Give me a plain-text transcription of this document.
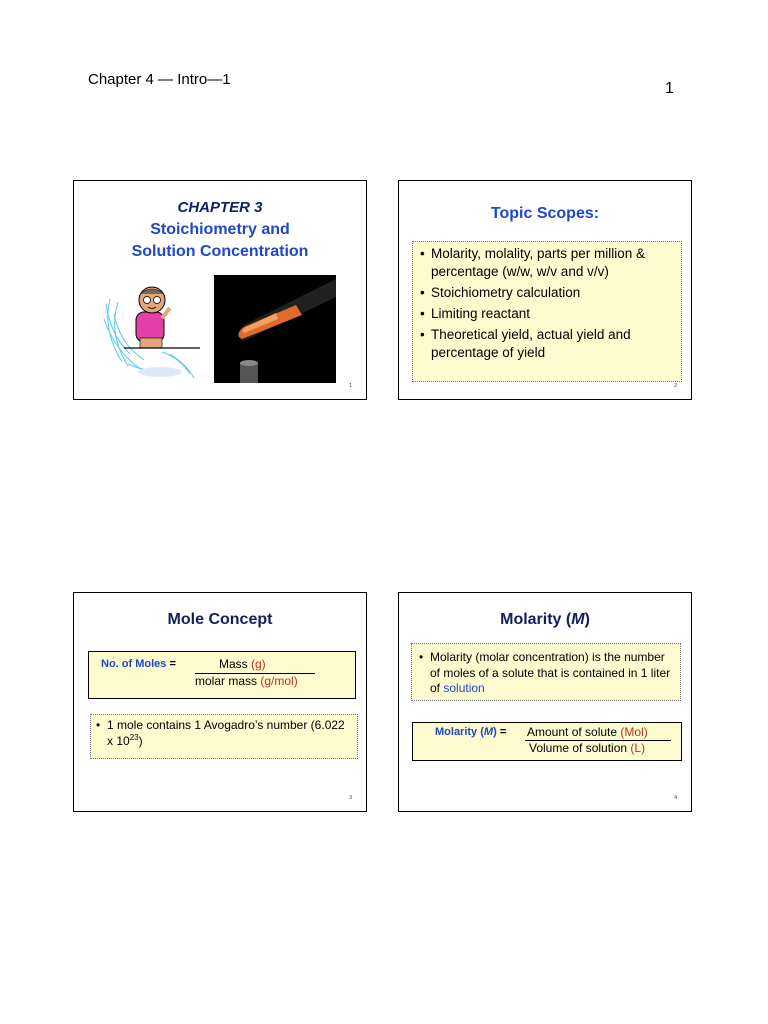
Chapter 4 — Intro—1
1
CHAPTER 3
Stoichiometry and
Solution Concentration
1
Topic Scopes:
• Molarity, molality, parts per million & percentage (w/w, w/v and v/v)
• Stoichiometry calculation
• Limiting reactant
• Theoretical yield, actual yield and percentage of yield
2
Mole Concept
No. of Moles =	Mass (g)
molar mass (g/mol)
• 1 mole contains 1 Avogadro’s number (6.022 x $10^{23}$)
3
Molarity (M)
• Molarity (molar concentration) is the number of moles of a solute that is contained in 1 liter of solution
Molarity (M) = Amount of solute (Mol)
Volume of solution (L)
4
